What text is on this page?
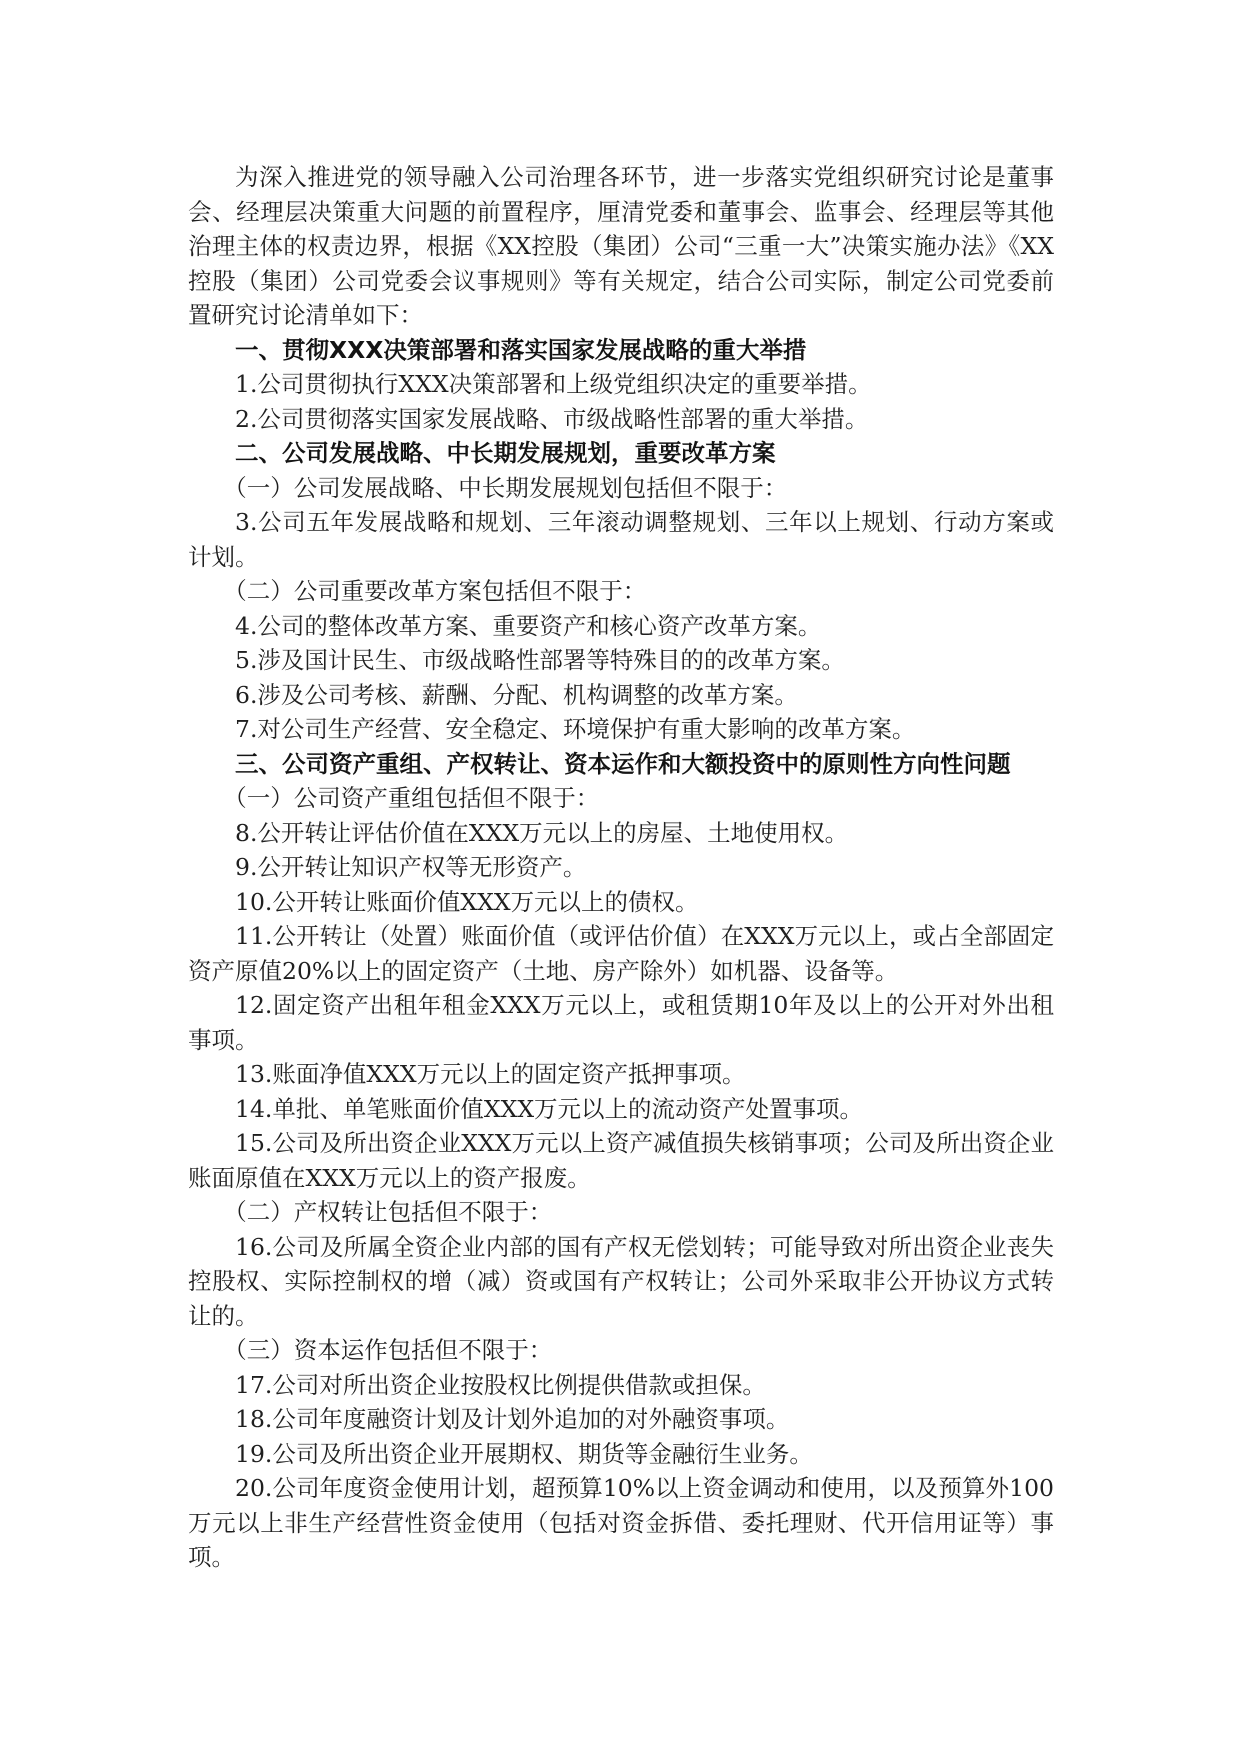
为深入推进党的领导融入公司治理各环节，进一步落实党组织研究讨论是董事会、经理层决策重大问题的前置程序，厘清党委和董事会、监事会、经理层等其他治理主体的权责边界，根据《XX控股（集团）公司“三重一大”决策实施办法》《XX控股（集团）公司党委会议事规则》等有关规定，结合公司实际，制定公司党委前置研究讨论清单如下：

一、贯彻XXX决策部署和落实国家发展战略的重大举措

1.公司贯彻执行XXX决策部署和上级党组织决定的重要举措。

2.公司贯彻落实国家发展战略、市级战略性部署的重大举措。

二、公司发展战略、中长期发展规划，重要改革方案

（一）公司发展战略、中长期发展规划包括但不限于：

3.公司五年发展战略和规划、三年滚动调整规划、三年以上规划、行动方案或计划。

（二）公司重要改革方案包括但不限于：

4.公司的整体改革方案、重要资产和核心资产改革方案。

5.涉及国计民生、市级战略性部署等特殊目的的改革方案。

6.涉及公司考核、薪酬、分配、机构调整的改革方案。

7.对公司生产经营、安全稳定、环境保护有重大影响的改革方案。

三、公司资产重组、产权转让、资本运作和大额投资中的原则性方向性问题

（一）公司资产重组包括但不限于：

8.公开转让评估价值在XXX万元以上的房屋、土地使用权。

9.公开转让知识产权等无形资产。

10.公开转让账面价值XXX万元以上的债权。

11.公开转让（处置）账面价值（或评估价值）在XXX万元以上，或占全部固定资产原值20%以上的固定资产（土地、房产除外）如机器、设备等。

12.固定资产出租年租金XXX万元以上，或租赁期10年及以上的公开对外出租事项。

13.账面净值XXX万元以上的固定资产抵押事项。

14.单批、单笔账面价值XXX万元以上的流动资产处置事项。

15.公司及所出资企业XXX万元以上资产减值损失核销事项；公司及所出资企业账面原值在XXX万元以上的资产报废。

（二）产权转让包括但不限于：

16.公司及所属全资企业内部的国有产权无偿划转；可能导致对所出资企业丧失控股权、实际控制权的增（减）资或国有产权转让；公司外采取非公开协议方式转让的。

（三）资本运作包括但不限于：

17.公司对所出资企业按股权比例提供借款或担保。

18.公司年度融资计划及计划外追加的对外融资事项。

19.公司及所出资企业开展期权、期货等金融衍生业务。

20.公司年度资金使用计划，超预算10%以上资金调动和使用，以及预算外100万元以上非生产经营性资金使用（包括对资金拆借、委托理财、代开信用证等）事项。
